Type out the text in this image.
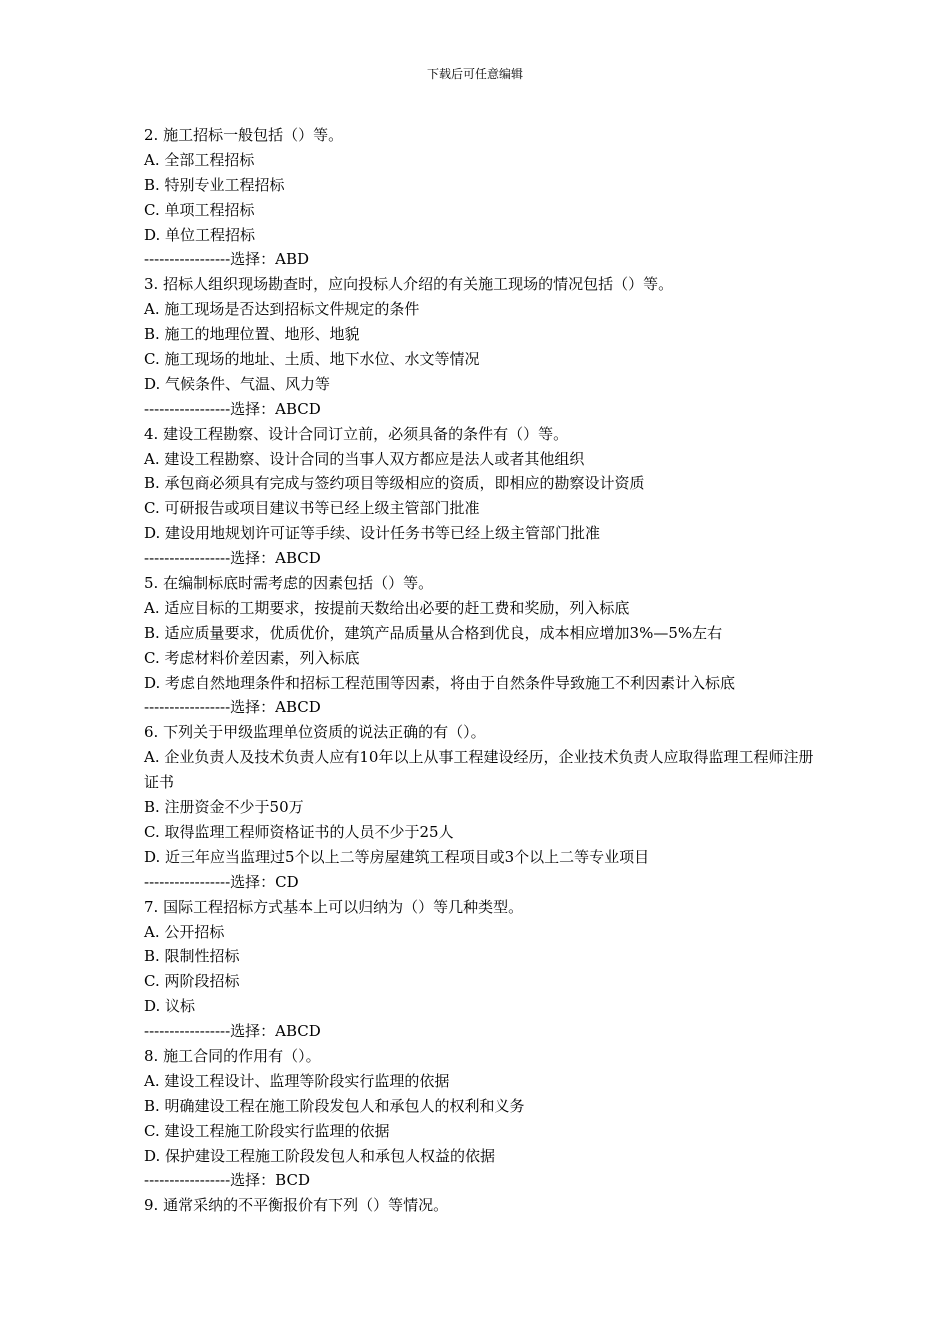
下载后可任意编辑
2. 施工招标一般包括（）等。
A. 全部工程招标
B. 特别专业工程招标
C. 单项工程招标
D. 单位工程招标
-----------------选择：ABD
3. 招标人组织现场勘查时，应向投标人介绍的有关施工现场的情况包括（）等。
A. 施工现场是否达到招标文件规定的条件
B. 施工的地理位置、地形、地貌
C. 施工现场的地址、土质、地下水位、水文等情况
D. 气候条件、气温、风力等
-----------------选择：ABCD
4. 建设工程勘察、设计合同订立前，必须具备的条件有（）等。
A. 建设工程勘察、设计合同的当事人双方都应是法人或者其他组织
B. 承包商必须具有完成与签约项目等级相应的资质，即相应的勘察设计资质
C. 可研报告或项目建议书等已经上级主管部门批准
D. 建设用地规划许可证等手续、设计任务书等已经上级主管部门批准
-----------------选择：ABCD
5. 在编制标底时需考虑的因素包括（）等。
A. 适应目标的工期要求，按提前天数给出必要的赶工费和奖励，列入标底
B. 适应质量要求，优质优价，建筑产品质量从合格到优良，成本相应增加3%—5%左右
C. 考虑材料价差因素，列入标底
D. 考虑自然地理条件和招标工程范围等因素，将由于自然条件导致施工不利因素计入标底
-----------------选择：ABCD
6. 下列关于甲级监理单位资质的说法正确的有（）。
A. 企业负责人及技术负责人应有10年以上从事工程建设经历，企业技术负责人应取得监理工程师注册证书
B. 注册资金不少于50万
C. 取得监理工程师资格证书的人员不少于25人
D. 近三年应当监理过5个以上二等房屋建筑工程项目或3个以上二等专业项目
-----------------选择：CD
7. 国际工程招标方式基本上可以归纳为（）等几种类型。
A. 公开招标
B. 限制性招标
C. 两阶段招标
D. 议标
-----------------选择：ABCD
8. 施工合同的作用有（）。
A. 建设工程设计、监理等阶段实行监理的依据
B. 明确建设工程在施工阶段发包人和承包人的权利和义务
C. 建设工程施工阶段实行监理的依据
D. 保护建设工程施工阶段发包人和承包人权益的依据
-----------------选择：BCD
9. 通常采纳的不平衡报价有下列（）等情况。
